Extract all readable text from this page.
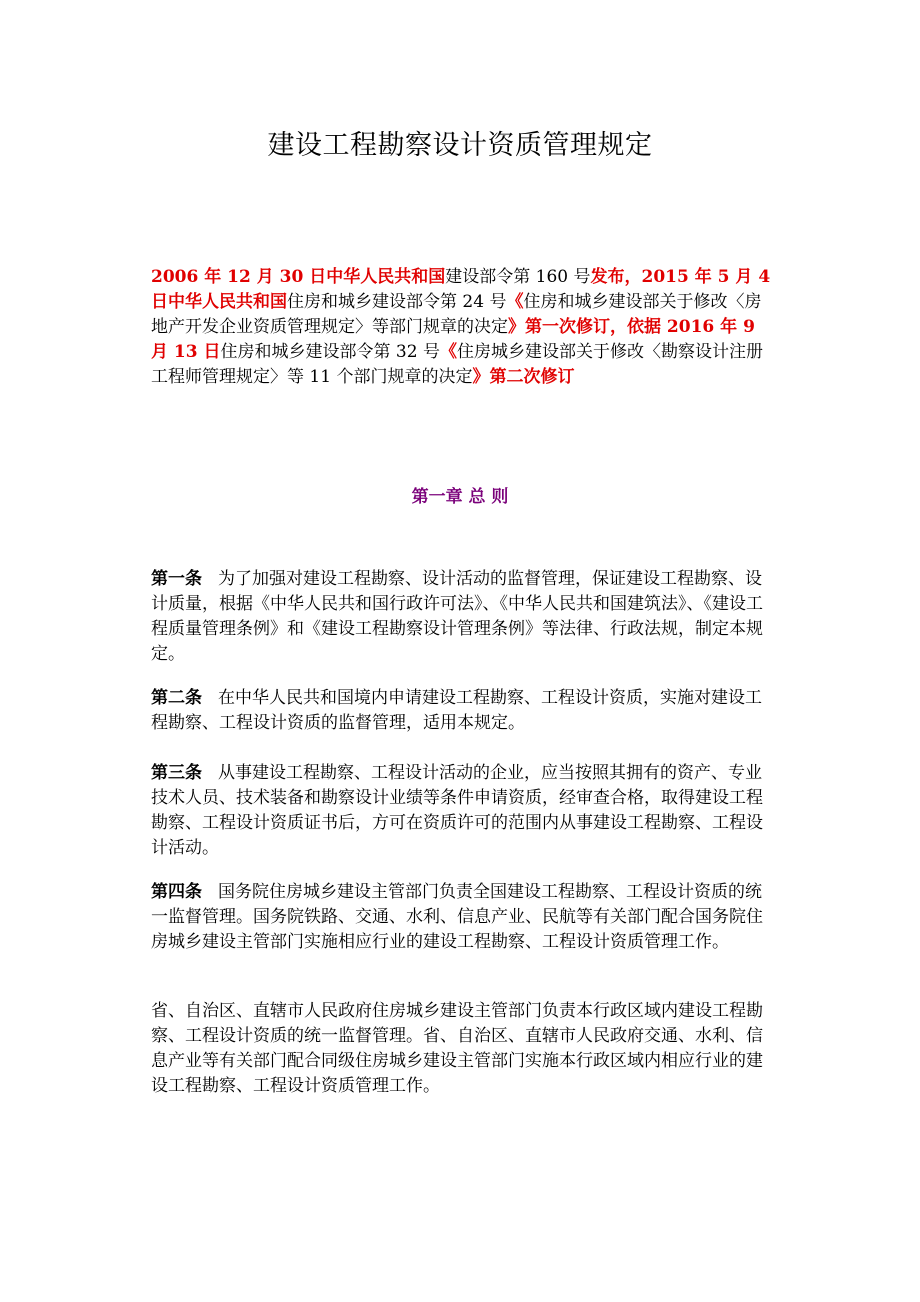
建设工程勘察设计资质管理规定
2006 年 12 月 30 日中华人民共和国建设部令第 160 号发布，2015 年 5 月 4 日中华人民共和国住房和城乡建设部令第 24 号《住房和城乡建设部关于修改〈房地产开发企业资质管理规定〉等部门规章的决定》第一次修订，依据 2016 年 9 月 13 日住房和城乡建设部令第 32 号《住房城乡建设部关于修改〈勘察设计注册工程师管理规定〉等 11 个部门规章的决定》第二次修订
第一章 总 则
第一条 为了加强对建设工程勘察、设计活动的监督管理，保证建设工程勘察、设计质量，根据《中华人民共和国行政许可法》、《中华人民共和国建筑法》、《建设工程质量管理条例》和《建设工程勘察设计管理条例》等法律、行政法规，制定本规定。
第二条 在中华人民共和国境内申请建设工程勘察、工程设计资质，实施对建设工程勘察、工程设计资质的监督管理，适用本规定。
第三条 从事建设工程勘察、工程设计活动的企业，应当按照其拥有的资产、专业技术人员、技术装备和勘察设计业绩等条件申请资质，经审查合格，取得建设工程勘察、工程设计资质证书后，方可在资质许可的范围内从事建设工程勘察、工程设计活动。
第四条 国务院住房城乡建设主管部门负责全国建设工程勘察、工程设计资质的统一监督管理。国务院铁路、交通、水利、信息产业、民航等有关部门配合国务院住房城乡建设主管部门实施相应行业的建设工程勘察、工程设计资质管理工作。
省、自治区、直辖市人民政府住房城乡建设主管部门负责本行政区域内建设工程勘察、工程设计资质的统一监督管理。省、自治区、直辖市人民政府交通、水利、信息产业等有关部门配合同级住房城乡建设主管部门实施本行政区域内相应行业的建设工程勘察、工程设计资质管理工作。
